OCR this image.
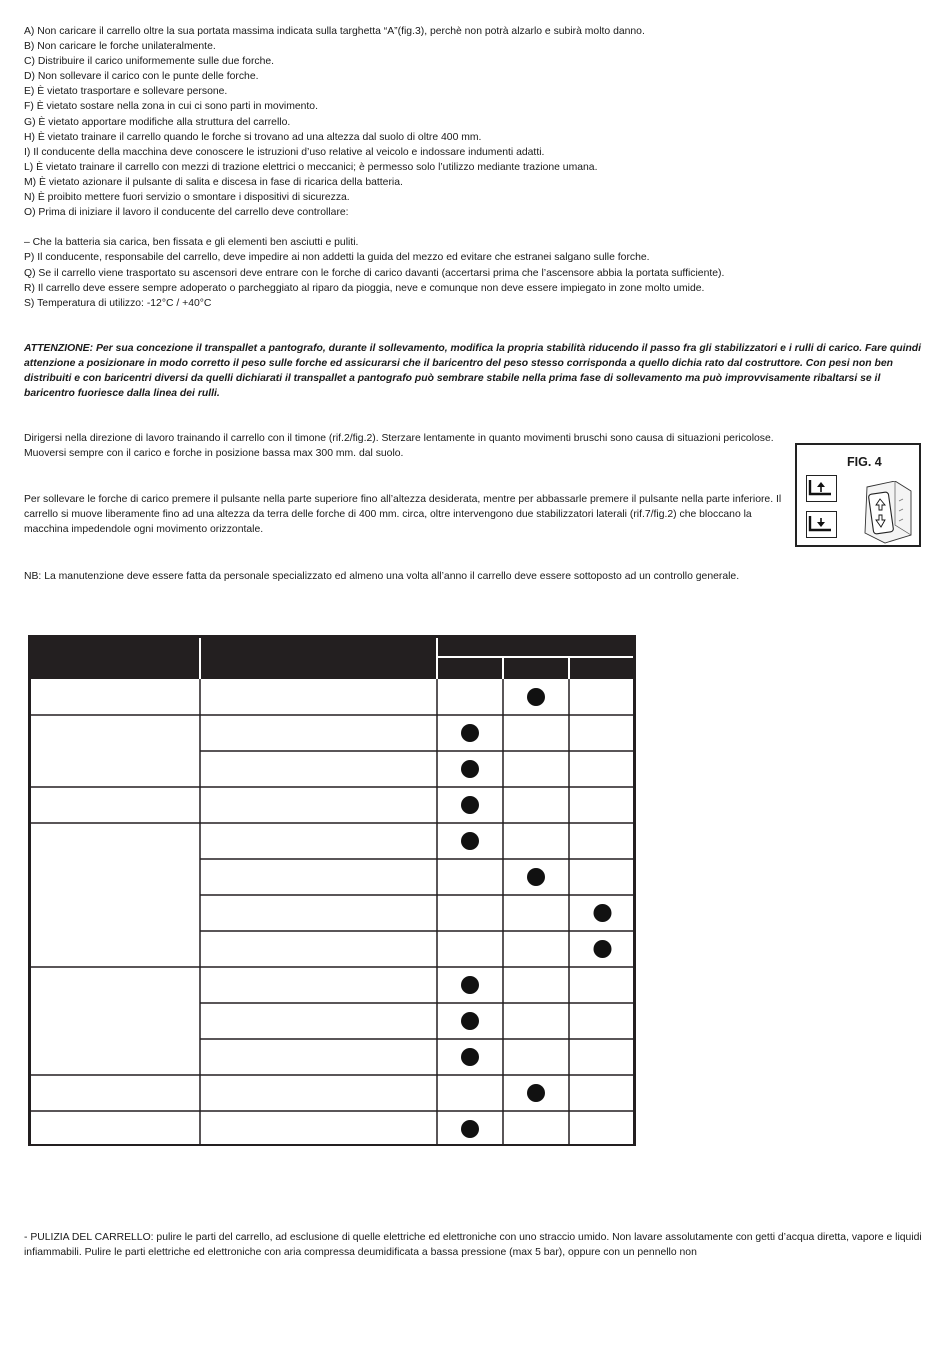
A) Non caricare il carrello oltre la sua portata massima indicata sulla targhetta “A”(fig.3), perchè non potrà alzarlo e subirà molto danno.

B) Non caricare le forche unilateralmente.

C) Distribuire il carico uniformemente sulle due forche.

D) Non sollevare il carico con le punte delle forche.

E) È vietato trasportare e sollevare persone.

F) È vietato sostare nella zona in cui ci sono parti in movimento.

G) È vietato apportare modifiche alla struttura del carrello.

H) È vietato trainare il carrello quando le forche si trovano ad una altezza dal suolo di oltre 400 mm.

I) Il conducente della macchina deve conoscere le istruzioni d’uso relative al veicolo e indossare indumenti adatti.

L) È vietato trainare il carrello con mezzi di trazione elettrici o meccanici; è permesso solo l’utilizzo mediante trazione umana.

M) È vietato azionare il pulsante di salita e discesa in fase di ricarica della batteria.

N) È proibito mettere fuori servizio o smontare i dispositivi di sicurezza.

O) Prima di iniziare il lavoro il conducente del carrello deve controllare:

– Che la batteria sia carica, ben fissata e gli elementi ben asciutti e puliti.

P) Il conducente, responsabile del carrello, deve impedire ai non addetti la guida del mezzo ed evitare che estranei salgano sulle forche.

Q) Se il carrello viene trasportato su ascensori deve entrare con le forche di carico davanti (accertarsi prima che l’ascensore abbia la portata sufficiente).

R) Il carrello deve essere sempre adoperato o parcheggiato al riparo da pioggia, neve e comunque non deve essere impiegato in zone molto umide.

S) Temperatura di utilizzo: -12°C / +40°C

ATTENZIONE: Per sua concezione il transpallet a pantografo, durante il sollevamento, modifica la propria stabilità riducendo il passo fra gli stabilizzatori e i rulli di carico. Fare quindi attenzione a posizionare in modo corretto il peso sulle forche ed assicurarsi che il baricentro del peso stesso corrisponda a quello dichia rato dal costruttore. Con pesi non ben distribuiti e con baricentri diversi da quelli dichiarati il transpallet a pantografo può sembrare stabile nella prima fase di sollevamento ma può improvvisamente ribaltarsi se il baricentro fuoriesce dalla linea dei rulli.

Dirigersi nella direzione di lavoro trainando il carrello con il timone (rif.2/fig.2). Sterzare lentamente in quanto movimenti bruschi sono causa di situazioni pericolose. Muoversi sempre con il carico e forche in posizione bassa max 300 mm. dal suolo.

Per sollevare le forche di carico premere il pulsante nella parte superiore fino all’altezza desiderata, mentre per abbassarle premere il pulsante nella parte inferiore. Il carrello si muove liberamente fino ad una altezza da terra delle forche di 400 mm. circa, oltre intervengono due stabilizzatori laterali (rif.7/fig.2) che bloccano la macchina impedendole ogni movimento orizzontale.

FIG. 4

NB: La manutenzione deve essere fatta da personale specializzato ed almeno una volta all’anno il carrello deve essere sottoposto ad un controllo generale.

- PULIZIA DEL CARRELLO: pulire le parti del carrello, ad esclusione di quelle elettriche ed elettroniche con uno straccio umido. Non lavare assolutamente con getti d’acqua diretta, vapore e liquidi infiammabili. Pulire le parti elettriche ed elettroniche con aria compressa deumidificata a bassa pressione (max 5 bar), oppure con un pennello non
